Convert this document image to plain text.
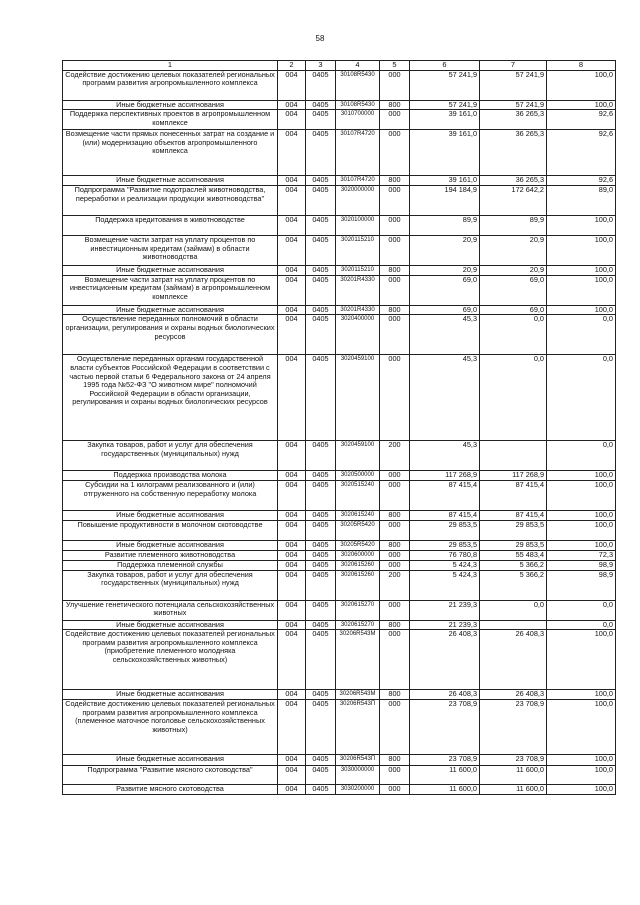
58
1	2	3	4	5	6	7	8
Содействие достижению целевых показателей региональных программ развития агропромышленного комплекса	004	0405	30108R5430	000	57 241,9	57 241,9	100,0
Иные бюджетные ассигнования	004	0405	30108R5430	800	57 241,9	57 241,9	100,0
Поддержка перспективных проектов в агропромышленном комплексе	004	0405	3010700000	000	39 161,0	36 265,3	92,6
Возмещение части прямых понесенных затрат на создание и (или) модернизацию объектов агропромышленного комплекса	004	0405	30107R4720	000	39 161,0	36 265,3	92,6
Иные бюджетные ассигнования	004	0405	30107R4720	800	39 161,0	36 265,3	92,6
Подпрограмма "Развитие подотраслей животноводства, переработки и реализации продукции животноводства"	004	0405	3020000000	000	194 184,9	172 642,2	89,0
Поддержка кредитования в животноводстве	004	0405	3020100000	000	89,9	89,9	100,0
Возмещение части затрат на уплату процентов по инвестиционным кредитам (займам) в области животноводства	004	0405	3020115210	000	20,9	20,9	100,0
Иные бюджетные ассигнования	004	0405	3020115210	800	20,9	20,9	100,0
Возмещение части затрат на уплату процентов по инвестиционным кредитам (займам) в агропромышленном комплексе	004	0405	30201R4330	000	69,0	69,0	100,0
Иные бюджетные ассигнования	004	0405	30201R4330	800	69,0	69,0	100,0
Осуществление переданных полномочий в области организации, регулирования и охраны водных биологических ресурсов	004	0405	3020400000	000	45,3	0,0	0,0
Осуществление переданных органам государственной власти субъектов Российской Федерации в соответствии с частью первой статьи 6 Федерального закона от 24 апреля 1995 года №52-ФЗ "О животном мире" полномочий Российской Федерации в области организации, регулирования и охраны водных биологических ресурсов	004	0405	3020459100	000	45,3	0,0	0,0
Закупка товаров, работ и услуг для обеспечения государственных (муниципальных) нужд	004	0405	3020459100	200	45,3		0,0
Поддержка производства молока	004	0405	3020500000	000	117 268,9	117 268,9	100,0
Субсидии на 1 килограмм реализованного и (или) отгруженного на собственную переработку молока	004	0405	3020515240	000	87 415,4	87 415,4	100,0
Иные бюджетные ассигнования	004	0405	3020615240	800	87 415,4	87 415,4	100,0
Повышение продуктивности в молочном скотоводстве	004	0405	30205R5420	000	29 853,5	29 853,5	100,0
Иные бюджетные ассигнования	004	0405	30205R5420	800	29 853,5	29 853,5	100,0
Развитие племенного животноводства	004	0405	3020600000	000	76 780,8	55 483,4	72,3
Поддержка племенной службы	004	0405	3020615260	000	5 424,3	5 366,2	98,9
Закупка товаров, работ и услуг для обеспечения государственных (муниципальных) нужд	004	0405	3020615260	200	5 424,3	5 366,2	98,9
Улучшение генетического потенциала сельскохозяйственных животных	004	0405	3020615270	000	21 239,3	0,0	0,0
Иные бюджетные ассигнования	004	0405	3020615270	800	21 239,3		0,0
Содействие достижению целевых показателей региональных программ развития агропромышленного комплекса (приобретение племенного молодняка сельскохозяйственных животных)	004	0405	30206R543М	000	26 408,3	26 408,3	100,0
Иные бюджетные ассигнования	004	0405	30206R543М	800	26 408,3	26 408,3	100,0
Содействие достижению целевых показателей региональных программ развития агропромышленного комплекса (племенное маточное поголовье сельскохозяйственных животных)	004	0405	30206R543П	000	23 708,9	23 708,9	100,0
Иные бюджетные ассигнования	004	0405	30206R543П	800	23 708,9	23 708,9	100,0
Подпрограмма "Развитие мясного скотоводства"	004	0405	3030000000	000	11 600,0	11 600,0	100,0
Развитие мясного скотоводства	004	0405	3030200000	000	11 600,0	11 600,0	100,0
